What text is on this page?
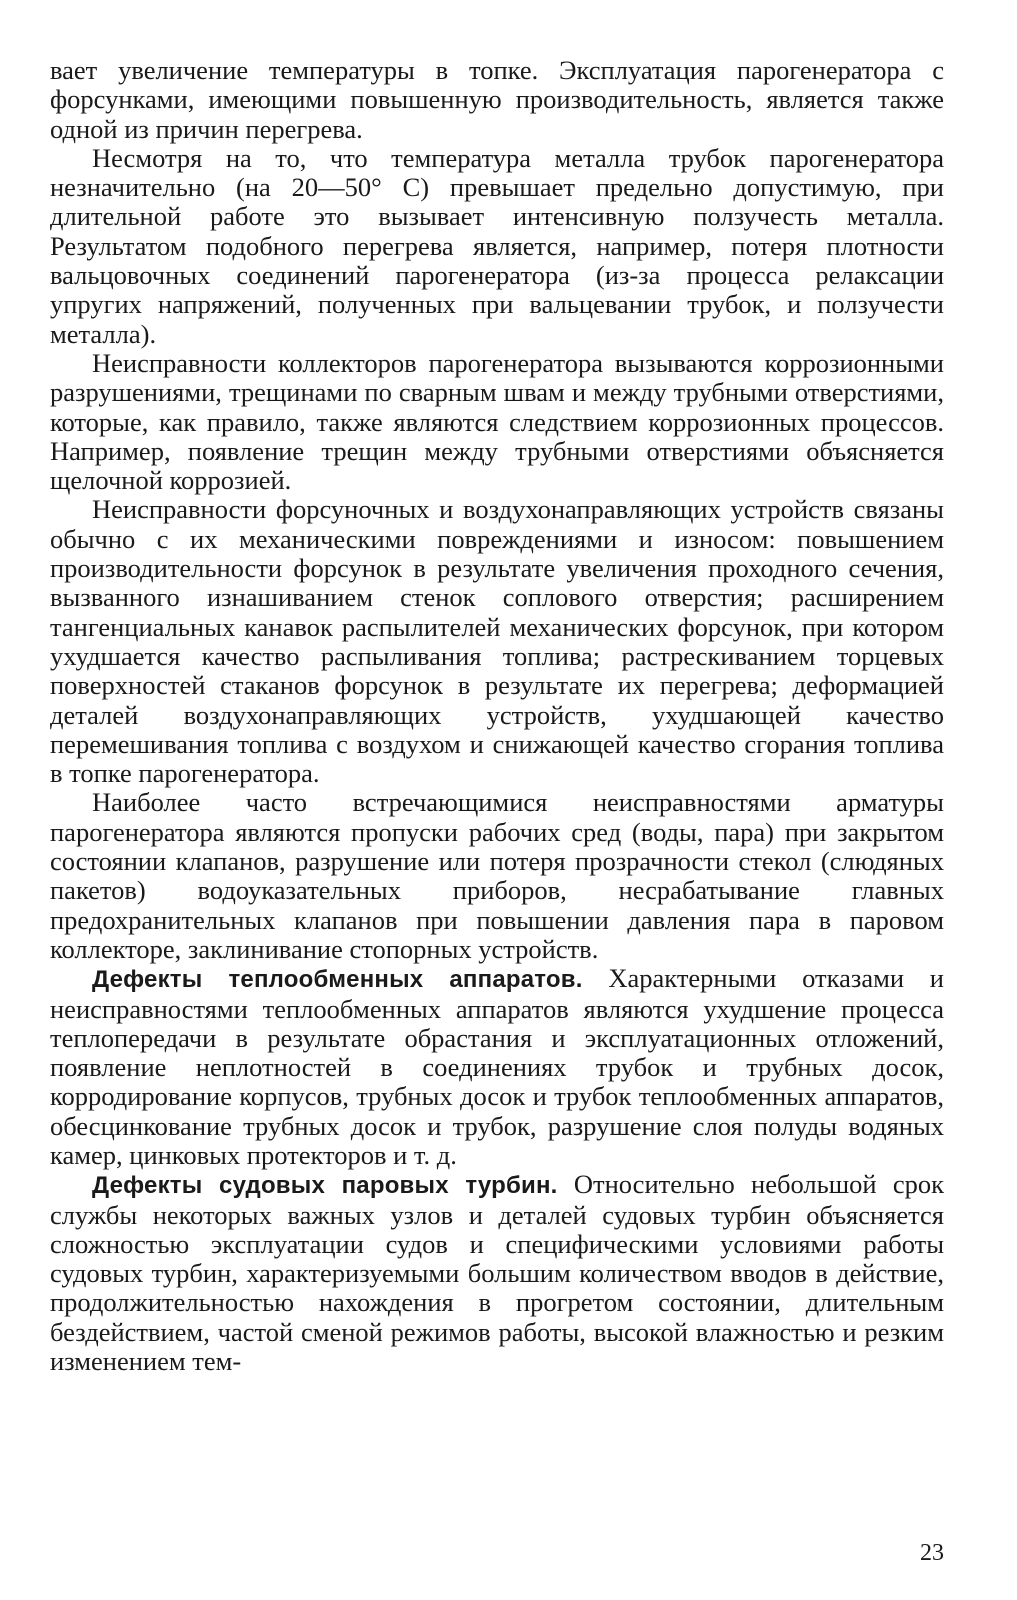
вает увеличение температуры в топке. Эксплуатация парогенератора с форсунками, имеющими повышенную производительность, является также одной из причин перегрева.

Несмотря на то, что температура металла трубок парогенератора незначительно (на 20—50° С) превышает предельно допустимую, при длительной работе это вызывает интенсивную ползучесть металла. Результатом подобного перегрева является, например, потеря плотности вальцовочных соединений парогенератора (из-за процесса релаксации упругих напряжений, полученных при вальцевании трубок, и ползучести металла).

Неисправности коллекторов парогенератора вызываются коррозионными разрушениями, трещинами по сварным швам и между трубными отверстиями, которые, как правило, также являются следствием коррозионных процессов. Например, появление трещин между трубными отверстиями объясняется щелочной коррозией.

Неисправности форсуночных и воздухонаправляющих устройств связаны обычно с их механическими повреждениями и износом: повышением производительности форсунок в результате увеличения проходного сечения, вызванного изнашиванием стенок соплового отверстия; расширением тангенциальных канавок распылителей механических форсунок, при котором ухудшается качество распыливания топлива; растрескиванием торцевых поверхностей стаканов форсунок в результате их перегрева; деформацией деталей воздухонаправляющих устройств, ухудшающей качество перемешивания топлива с воздухом и снижающей качество сгорания топлива в топке парогенератора.

Наиболее часто встречающимися неисправностями арматуры парогенератора являются пропуски рабочих сред (воды, пара) при закрытом состоянии клапанов, разрушение или потеря прозрачности стекол (слюдяных пакетов) водоуказательных приборов, несрабатывание главных предохранительных клапанов при повышении давления пара в паровом коллекторе, заклинивание стопорных устройств.

Дефекты теплообменных аппаратов. Характерными отказами и неисправностями теплообменных аппаратов являются ухудшение процесса теплопередачи в результате обрастания и эксплуатационных отложений, появление неплотностей в соединениях трубок и трубных досок, корродирование корпусов, трубных досок и трубок теплообменных аппаратов, обесцинкование трубных досок и трубок, разрушение слоя полуды водяных камер, цинковых протекторов и т. д.

Дефекты судовых паровых турбин. Относительно небольшой срок службы некоторых важных узлов и деталей судовых турбин объясняется сложностью эксплуатации судов и специфическими условиями работы судовых турбин, характеризуемыми большим количеством вводов в действие, продолжительностью нахождения в прогретом состоянии, длительным бездействием, частой сменой режимов работы, высокой влажностью и резким изменением тем-

23
